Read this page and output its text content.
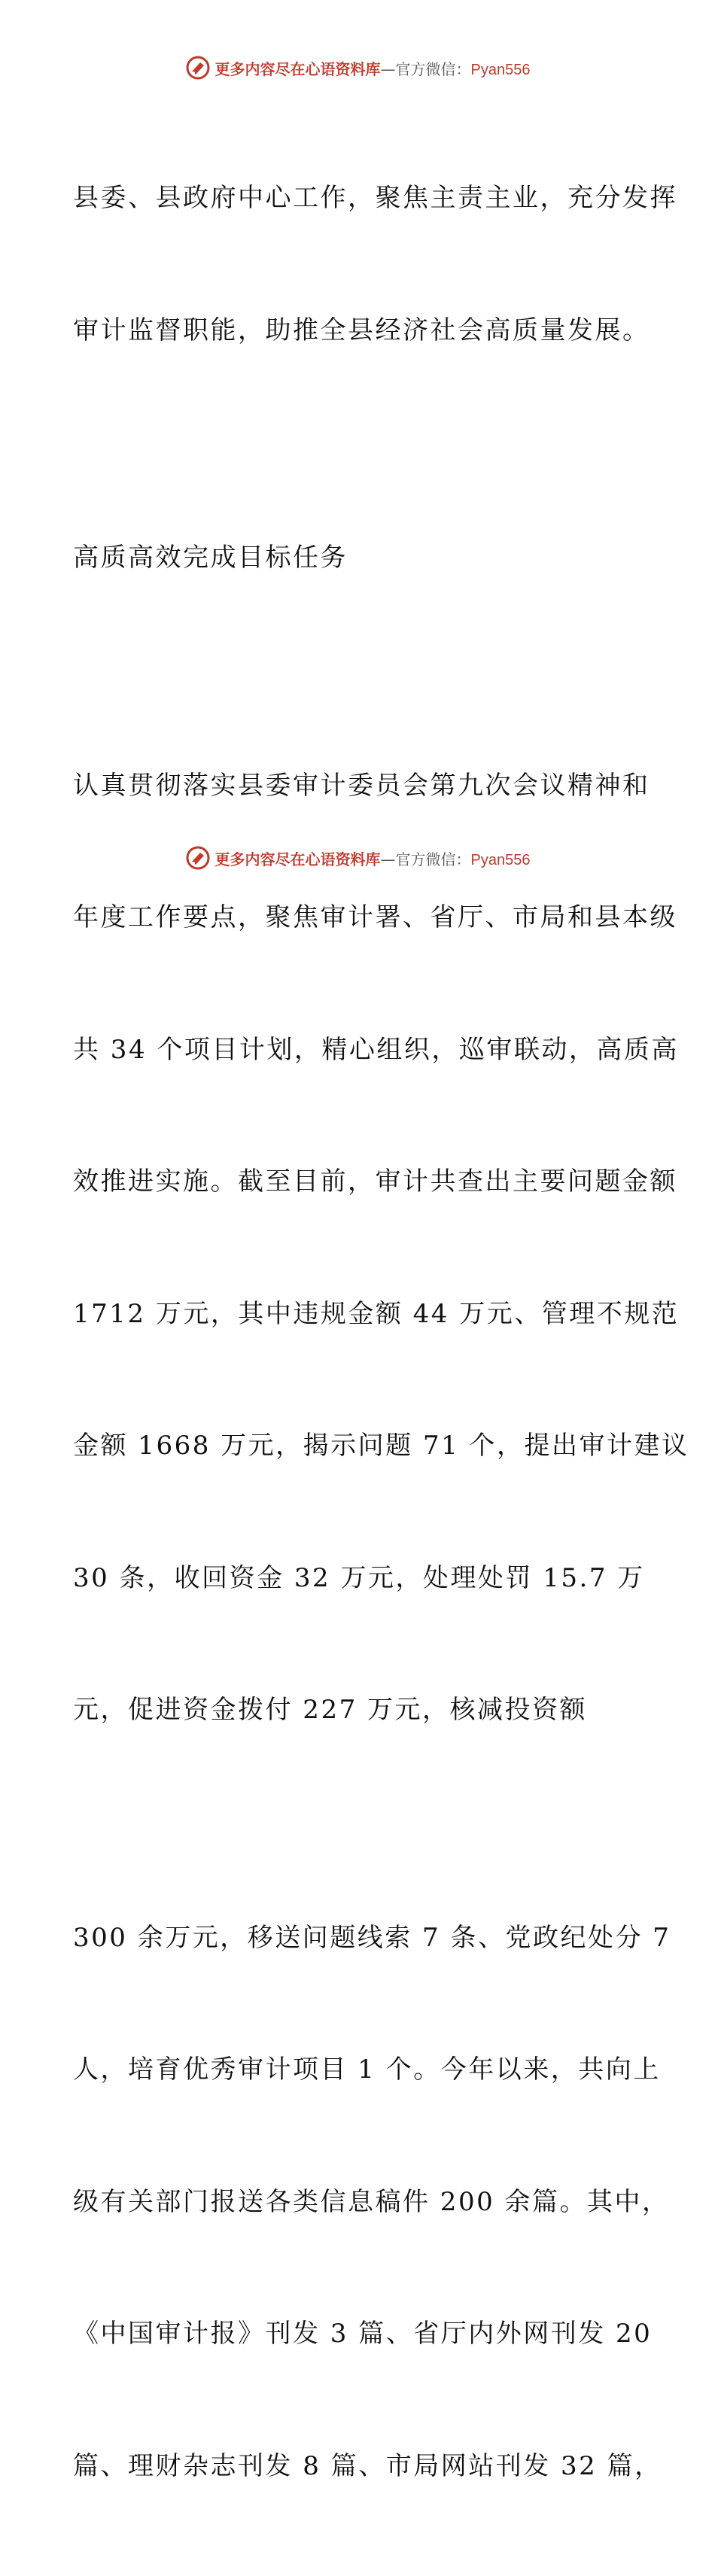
更多内容尽在心语资料库—官方微信：Pyan556

县委、县政府中心工作，聚焦主责主业，充分发挥

审计监督职能，助推全县经济社会高质量发展。

高质高效完成目标任务

认真贯彻落实县委审计委员会第九次会议精神和

年度工作要点，聚焦审计署、省厅、市局和县本级

共 34 个项目计划，精心组织，巡审联动，高质高

效推进实施。截至目前，审计共查出主要问题金额

1712 万元，其中违规金额 44 万元、管理不规范

金额 1668 万元，揭示问题 71 个，提出审计建议

30 条，收回资金 32 万元，处理处罚 15.7 万

元，促进资金拨付 227 万元，核减投资额

300 余万元，移送问题线索 7 条、党政纪处分 7

人，培育优秀审计项目 1 个。今年以来，共向上

级有关部门报送各类信息稿件 200 余篇。其中，

《中国审计报》刊发 3 篇、省厅内外网刊发 20

篇、理财杂志刊发 8 篇、市局网站刊发 32 篇，

更多内容尽在心语资料库—官方微信：Pyan556
